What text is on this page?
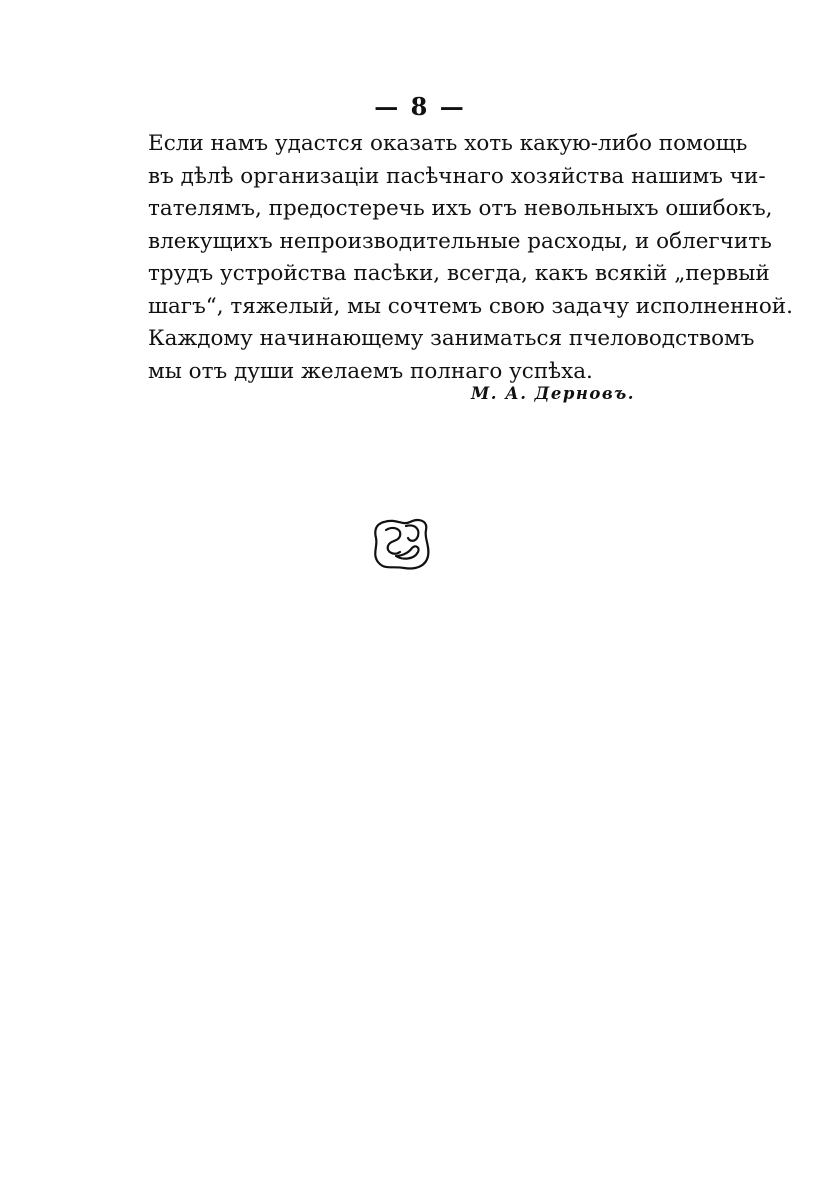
— 8 —
Если намъ удастся оказать хоть какую-либо помощь
въ дѣлѣ организаціи пасѣчнаго хозяйства нашимъ чи-
тателямъ, предостеречь ихъ отъ невольныхъ ошибокъ,
влекущихъ непроизводительные расходы, и облегчить
трудъ устройства пасѣки, всегда, какъ всякій „первый
шагъ“, тяжелый, мы сочтемъ свою задачу исполненной.
Каждому начинающему заниматься пчеловодствомъ
мы отъ души желаемъ полнаго успѣха.
М. А. Дерновъ.
